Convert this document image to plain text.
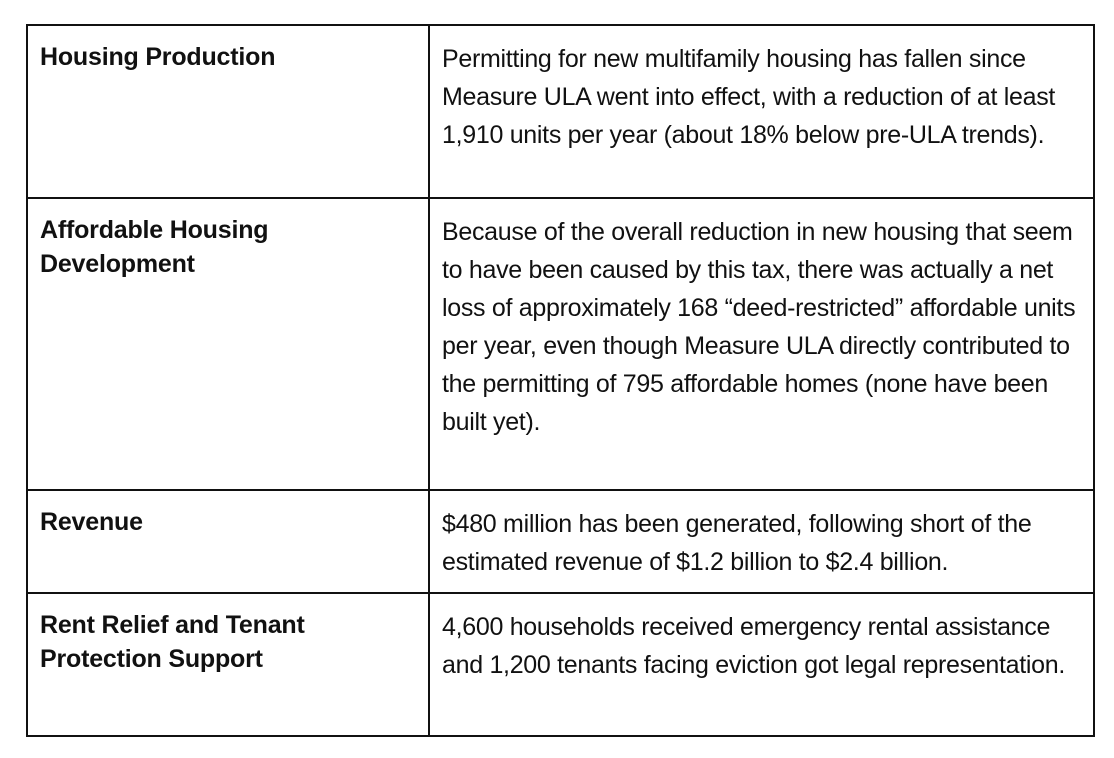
Housing Production	Permitting for new multifamily housing has fallen since Measure ULA went into effect, with a reduction of at least 1,910 units per year (about 18% below pre-ULA trends).
Affordable Housing Development	Because of the overall reduction in new housing that seem to have been caused by this tax, there was actually a net loss of approximately 168 “deed-restricted” affordable units per year, even though Measure ULA directly contributed to the permitting of 795 affordable homes (none have been built yet).
Revenue	$480 million has been generated, following short of the estimated revenue of $1.2 billion to $2.4 billion.
Rent Relief and Tenant Protection Support	4,600 households received emergency rental assistance and 1,200 tenants facing eviction got legal representation.
